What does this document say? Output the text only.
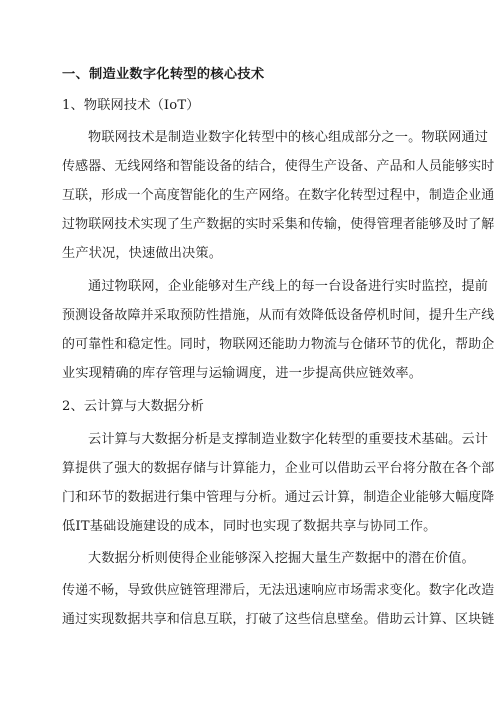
一、制造业数字化转型的核心技术
1、物联网技术（IoT）
物联网技术是制造业数字化转型中的核心组成部分之一。物联网通过
传感器、无线网络和智能设备的结合，使得生产设备、产品和人员能够实时
互联，形成一个高度智能化的生产网络。在数字化转型过程中，制造企业通
过物联网技术实现了生产数据的实时采集和传输，使得管理者能够及时了解
生产状况，快速做出决策。
通过物联网，企业能够对生产线上的每一台设备进行实时监控，提前
预测设备故障并采取预防性措施，从而有效降低设备停机时间，提升生产线
的可靠性和稳定性。同时，物联网还能助力物流与仓储环节的优化，帮助企
业实现精确的库存管理与运输调度，进一步提高供应链效率。
2、云计算与大数据分析
云计算与大数据分析是支撑制造业数字化转型的重要技术基础。云计
算提供了强大的数据存储与计算能力，企业可以借助云平台将分散在各个部
门和环节的数据进行集中管理与分析。通过云计算，制造企业能够大幅度降
低IT基础设施建设的成本，同时也实现了数据共享与协同工作。
大数据分析则使得企业能够深入挖掘大量生产数据中的潜在价值。
传递不畅，导致供应链管理滞后，无法迅速响应市场需求变化。数字化改造
通过实现数据共享和信息互联，打破了这些信息壁垒。借助云计算、区块链
